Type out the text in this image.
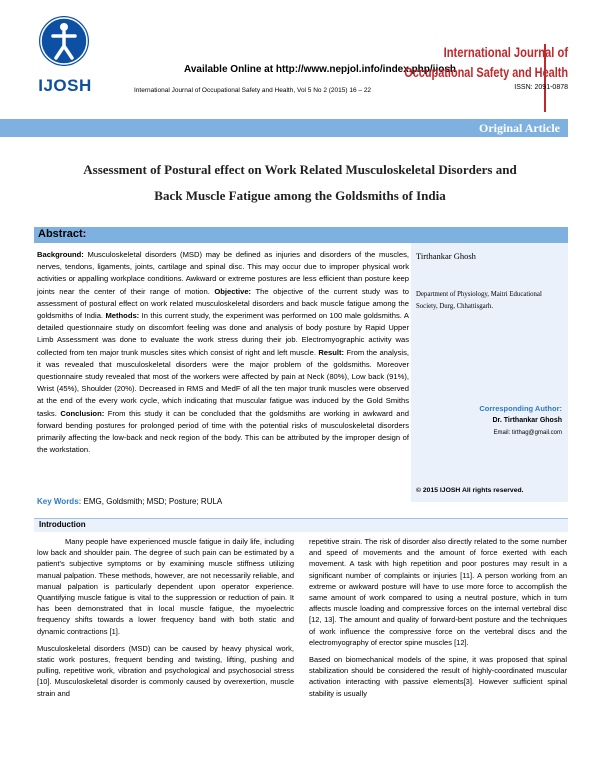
IJOSH
Available Online at http://www.nepjol.info/index.php/ijosh
International Journal of Occupational Safety and Health, Vol 5 No 2 (2015) 16 – 22
International Journal of
Occupational Safety and Health
ISSN: 2091-0878
Original Article
Assessment of Postural effect on Work Related Musculoskeletal Disorders and
Back Muscle Fatigue among the Goldsmiths of India
Abstract:
Background: Musculoskeletal disorders (MSD) may be defined as injuries and disorders of the muscles, nerves, tendons, ligaments, joints, cartilage and spinal disc. This may occur due to improper physical work activities or appalling workplace conditions. Awkward or extreme postures are less efficient than posture keep joints near the center of their range of motion. Objective: The objective of the current study was to assessment of postural effect on work related musculoskeletal disorders and back muscle fatigue among the goldsmiths of India. Methods: In this current study, the experiment was performed on 100 male goldsmiths. A detailed questionnaire study on discomfort feeling was done and analysis of body posture by Rapid Upper Limb Assessment was done to evaluate the work stress during their job. Electromyographic activity was collected from ten major trunk muscles sites which consist of right and left muscle. Result: From the analysis, it was revealed that musculoskeletal disorders were the major problem of the goldsmiths. Moreover questionnaire study revealed that most of the workers were affected by pain at Neck (80%), Low back (91%), Wrist (45%), Shoulder (20%). Decreased in RMS and MedF of all the ten major trunk muscles were observed at the end of the every work cycle, which indicating that muscular fatigue was induced by the Gold Smiths tasks. Conclusion: From this study it can be concluded that the goldsmiths are working in awkward and forward bending postures for prolonged period of time with the potential risks of musculoskeletal disorders primarily affecting the low-back and neck region of the body. This can be attributed by the improper design of the workstation.
Tirthankar Ghosh
Department of Physiology, Maitri Educational Society, Durg, Chhattisgarh.
Corresponding Author:
Dr. Tirthankar Ghosh
Email: tirthag@gmail.com
© 2015 IJOSH All rights reserved.
Key Words: EMG, Goldsmith; MSD; Posture; RULA
Introduction

Many people have experienced muscle fatigue in daily life, including low back and shoulder pain. The degree of such pain can be estimated by a patient's subjective symptoms or by examining muscle stiffness utilizing manual palpation. These methods, however, are not necessarily reliable, and manual palpation is particularly dependent upon operator experience. Quantifying muscle fatigue is vital to the suppression or reduction of pain. It has been demonstrated that in local muscle fatigue, the myoelectric frequency shifts towards a lower frequency band with both static and dynamic contractions [1].

Musculoskeletal disorders (MSD) can be caused by heavy physical work, static work postures, frequent bending and twisting, lifting, pushing and pulling, repetitive work, vibration and psychological and psychosocial stress [10]. Musculoskeletal disorder is commonly caused by overexertion, muscle strain and

repetitive strain. The risk of disorder also directly related to the some number and speed of movements and the amount of force exerted with each movement. A task with high repetition and poor postures may result in a significant number of complaints or injuries [11]. A person working from an extreme or awkward posture will have to use more force to accomplish the same amount of work compared to using a neutral posture, which in turn affects muscle loading and compressive forces on the internal vertebral disc [12, 13]. The amount and quality of forward-bent posture and the techniques of work influence the compressive force on the vertebral discs and the electromyography of erector spine muscles [12].

Based on biomechanical models of the spine, it was proposed that spinal stabilization should be considered the result of highly-coordinated muscular activation interacting with passive elements[3]. However sufficient spinal stability is usually
